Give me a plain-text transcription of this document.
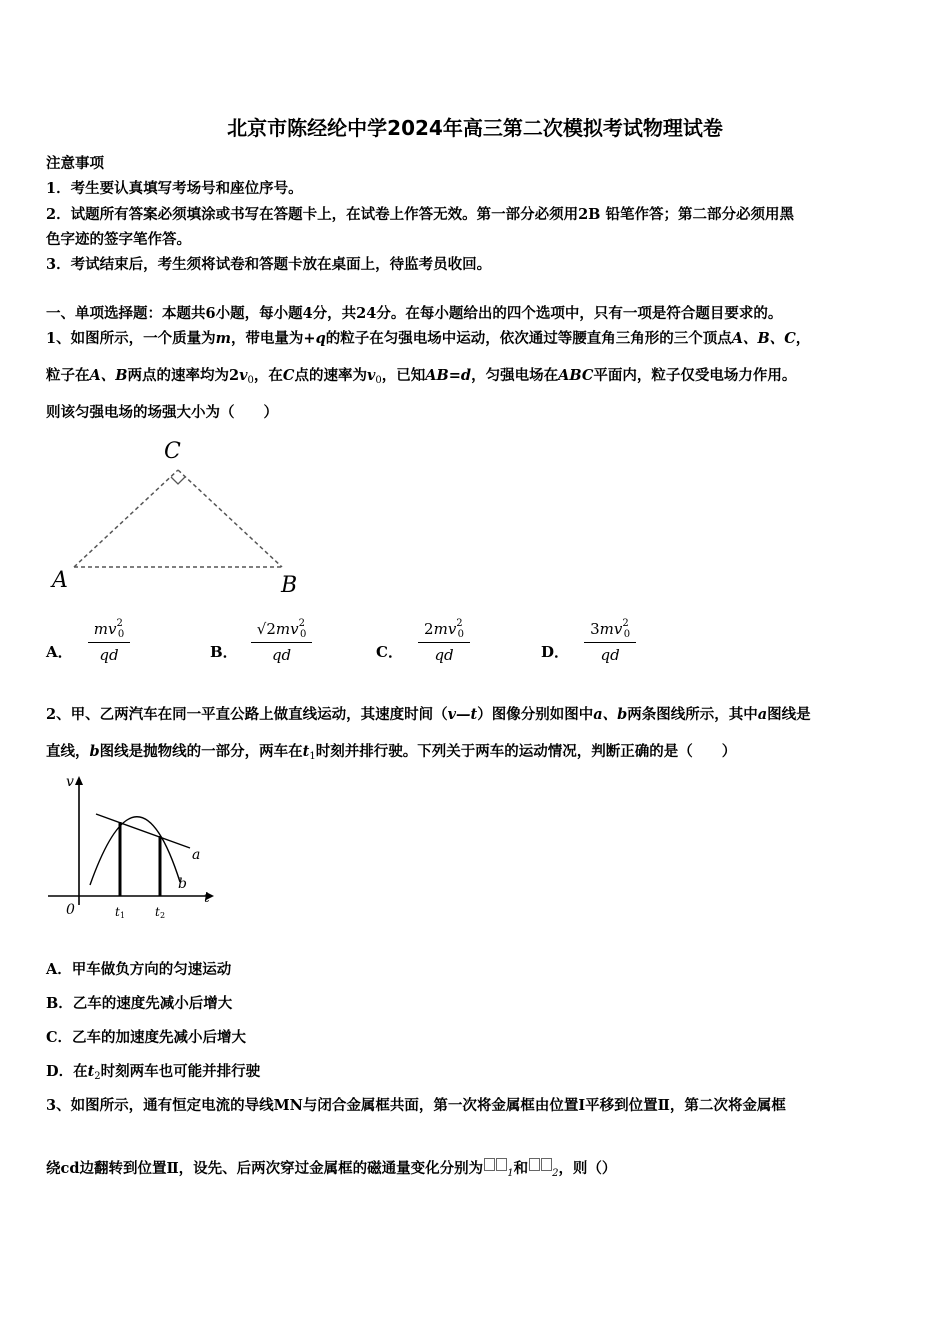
北京市陈经纶中学2024年高三第二次模拟考试物理试卷
注意事项
1．考生要认真填写考场号和座位序号。
2．试题所有答案必须填涂或书写在答题卡上，在试卷上作答无效。第一部分必须用2B 铅笔作答；第二部分必须用黑
色字迹的签字笔作答。
3．考试结束后，考生须将试卷和答题卡放在桌面上，待监考员收回。
一、单项选择题：本题共6小题，每小题4分，共24分。在每小题给出的四个选项中，只有一项是符合题目要求的。
1、如图所示，一个质量为m，带电量为+q的粒子在匀强电场中运动，依次通过等腰直角三角形的三个顶点A、B、C，
粒子在A、B两点的速率均为$2v_0$，在C点的速率为$v_0$，已知AB=d，匀强电场在ABC平面内，粒子仅受电场力作用。
则该匀强电场的场强大小为（　　）
A	B
C
A． $\frac{mv_{20}}{qd}$	B． $\frac{√2mv_{20}}{qd}$	C． $\frac{2mv_{20}}{qd}$	D． $\frac{3mv_{20}}{qd}$
2、甲、乙两汽车在同一平直公路上做直线运动，其速度时间（v—t）图像分别如图中a、b两条图线所示，其中a图线是
直线，b图线是抛物线的一部分，两车在$t_1$时刻并排行驶。下列关于两车的运动情况，判断正确的是（　　）
v
t
0	t 1 t 2
a
b
A．甲车做负方向的匀速运动
B．乙车的速度先减小后增大
C．乙车的加速度先减小后增大
D．在$t_2$时刻两车也可能并排行驶
3、如图所示，通有恒定电流的导线MN与闭合金属框共面，第一次将金属框由位置Ⅰ平移到位置Ⅱ，第二次将金属框
绕cd边翻转到位置Ⅱ，设先、后两次穿过金属框的磁通量变化分别为 $_1$和 $_2$，则（）
